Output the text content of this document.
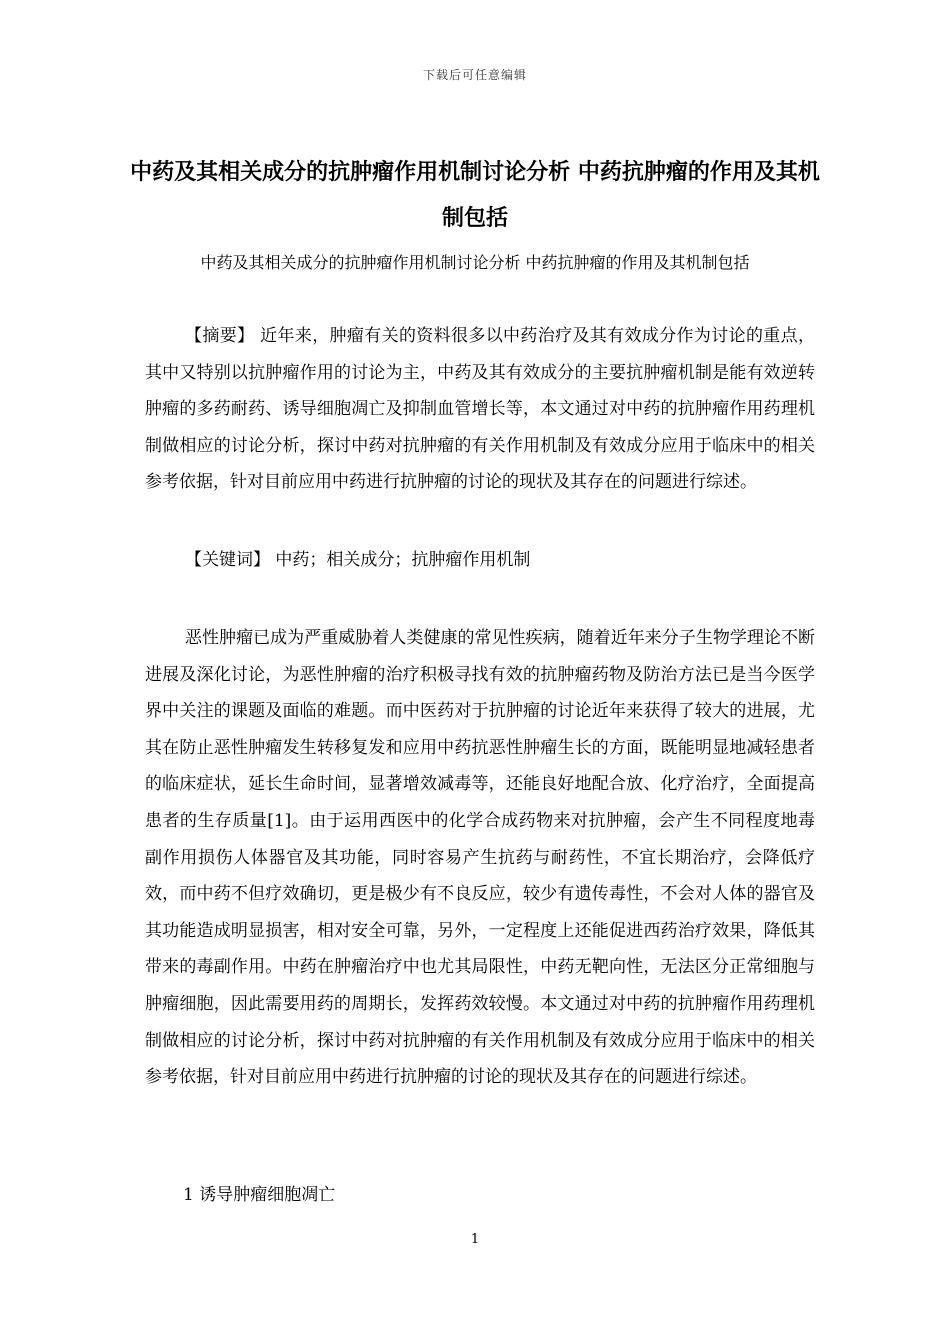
下载后可任意编辑
中药及其相关成分的抗肿瘤作用机制讨论分析 中药抗肿瘤的作用及其机制包括

中药及其相关成分的抗肿瘤作用机制讨论分析 中药抗肿瘤的作用及其机制包括

【摘要】 近年来，肿瘤有关的资料很多以中药治疗及其有效成分作为讨论的重点，其中又特别以抗肿瘤作用的讨论为主，中药及其有效成分的主要抗肿瘤机制是能有效逆转肿瘤的多药耐药、诱导细胞凋亡及抑制血管增长等，本文通过对中药的抗肿瘤作用药理机制做相应的讨论分析，探讨中药对抗肿瘤的有关作用机制及有效成分应用于临床中的相关参考依据，针对目前应用中药进行抗肿瘤的讨论的现状及其存在的问题进行综述。

【关键词】 中药；相关成分；抗肿瘤作用机制

恶性肿瘤已成为严重威胁着人类健康的常见性疾病，随着近年来分子生物学理论不断进展及深化讨论，为恶性肿瘤的治疗积极寻找有效的抗肿瘤药物及防治方法已是当今医学界中关注的课题及面临的难题。而中医药对于抗肿瘤的讨论近年来获得了较大的进展，尤其在防止恶性肿瘤发生转移复发和应用中药抗恶性肿瘤生长的方面，既能明显地减轻患者的临床症状，延长生命时间，显著增效减毒等，还能良好地配合放、化疗治疗，全面提高患者的生存质量[1]。由于运用西医中的化学合成药物来对抗肿瘤，会产生不同程度地毒副作用损伤人体器官及其功能，同时容易产生抗药与耐药性，不宜长期治疗，会降低疗效，而中药不但疗效确切，更是极少有不良反应，较少有遗传毒性，不会对人体的器官及其功能造成明显损害，相对安全可靠，另外，一定程度上还能促进西药治疗效果，降低其带来的毒副作用。中药在肿瘤治疗中也尤其局限性，中药无靶向性，无法区分正常细胞与肿瘤细胞，因此需要用药的周期长，发挥药效较慢。本文通过对中药的抗肿瘤作用药理机制做相应的讨论分析，探讨中药对抗肿瘤的有关作用机制及有效成分应用于临床中的相关参考依据，针对目前应用中药进行抗肿瘤的讨论的现状及其存在的问题进行综述。

1 诱导肿瘤细胞凋亡

1
